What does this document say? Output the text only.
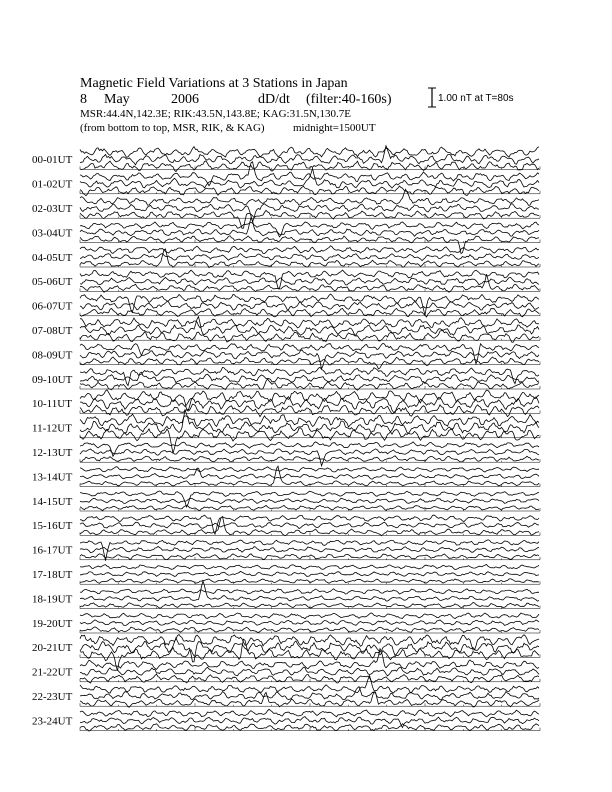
Magnetic Field Variations at 3 Stations in Japan
8 May	2006	dD/dt (filter:40-160s)
MSR:44.4N,142.3E; RIK:43.5N,143.8E; KAG:31.5N,130.7E
(from bottom to top, MSR, RIK, & KAG)	midnight=1500UT
1.00 nT at T=80s
00-01UT
01-02UT
02-03UT
03-04UT
04-05UT
05-06UT
06-07UT
07-08UT
08-09UT
09-10UT
10-11UT
11-12UT
12-13UT
13-14UT
14-15UT
15-16UT
16-17UT
17-18UT
18-19UT
19-20UT
20-21UT
21-22UT
22-23UT
23-24UT
